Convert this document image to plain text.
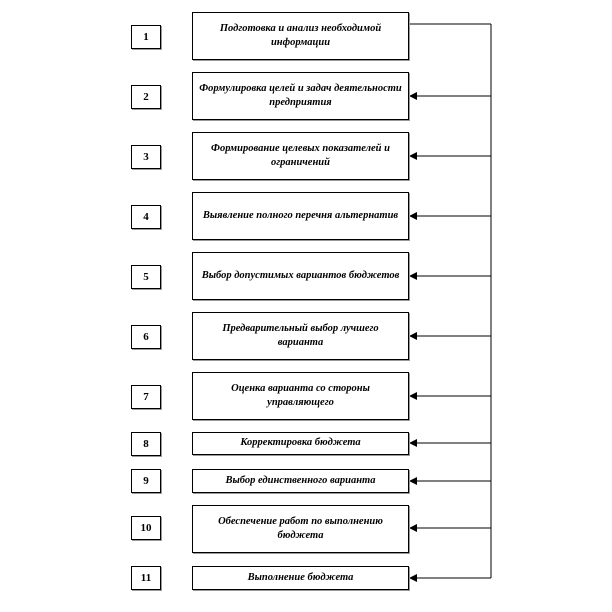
1
Подготовка и анализ необходимой информации
2
Формулировка целей и задач деятельности предприятия
3
Формирование целевых показателей и ограничений
4	Выявление полного перечня альтернатив
5	Выбор допустимых вариантов бюджетов
6
Предварительный выбор лучшего варианта
7
Оценка варианта со стороны управляющего
8	Корректировка бюджета
9	Выбор единственного варианта
10
Обеспечение работ по выполнению бюджета
11	Выполнение бюджета
